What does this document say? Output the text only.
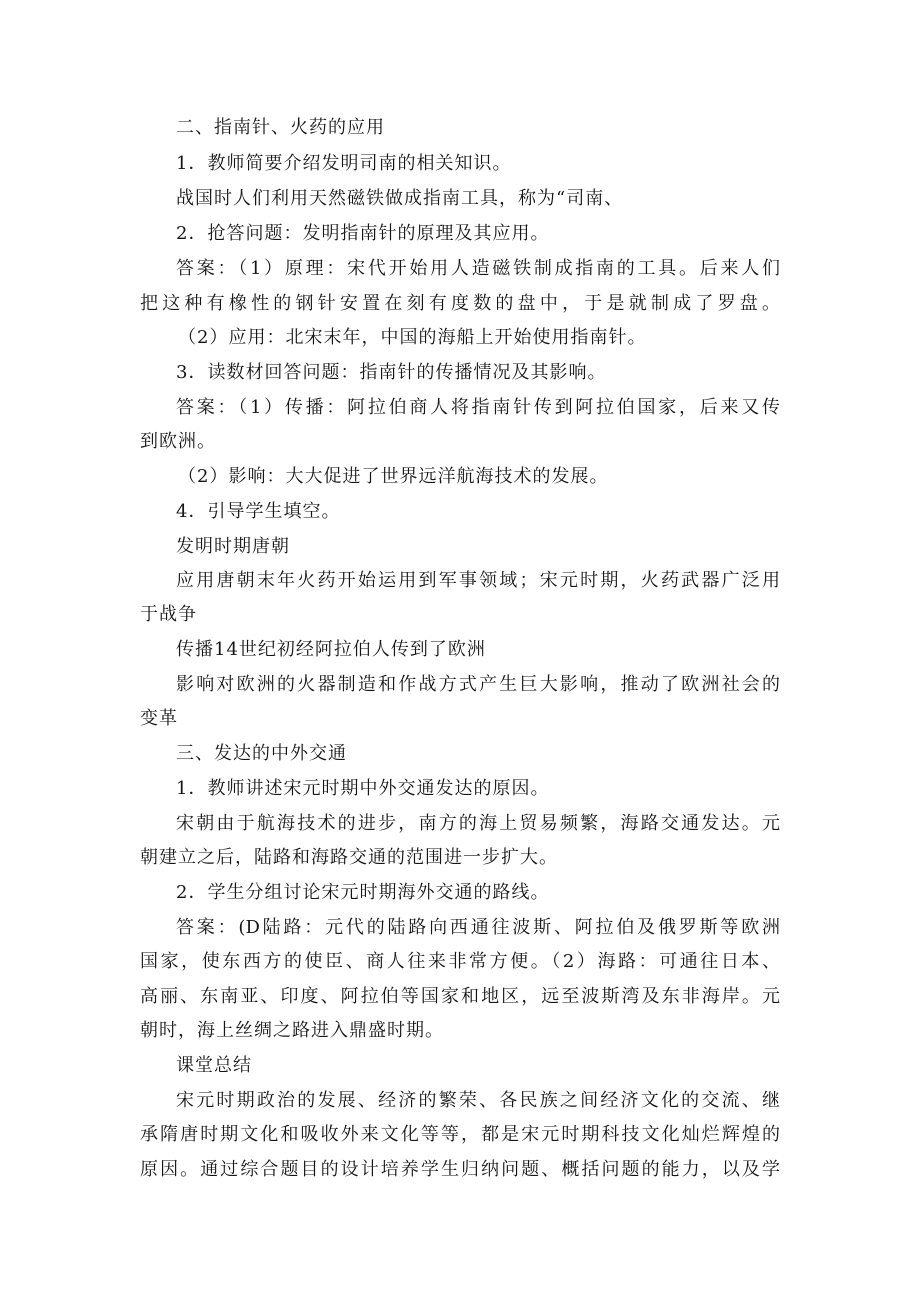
二、指南针、火药的应用
1．教师简要介绍发明司南的相关知识。
战国时人们利用天然磁铁做成指南工具，称为“司南、
2．抢答问题：发明指南针的原理及其应用。
答案：（1）原理：宋代开始用人造磁铁制成指南的工具。后来人们
把这种有橡性的钢针安置在刻有度数的盘中，于是就制成了罗盘。
（2）应用：北宋末年，中国的海船上开始使用指南针。
3．读数材回答问题：指南针的传播情况及其影响。
答案：（1）传播：阿拉伯商人将指南针传到阿拉伯国家，后来又传
到欧洲。
（2）影响：大大促进了世界远洋航海技术的发展。
4．引导学生填空。
发明时期唐朝
应用唐朝末年火药开始运用到军事领域；宋元时期，火药武器广泛用
于战争
传播14世纪初经阿拉伯人传到了欧洲
影响对欧洲的火器制造和作战方式产生巨大影响，推动了欧洲社会的
变革
三、发达的中外交通
1．教师讲述宋元时期中外交通发达的原因。
宋朝由于航海技术的进步，南方的海上贸易频繁，海路交通发达。元
朝建立之后，陆路和海路交通的范围进一步扩大。
2．学生分组讨论宋元时期海外交通的路线。
答案：(D陆路：元代的陆路向西通往波斯、阿拉伯及俄罗斯等欧洲
国家，使东西方的使臣、商人往来非常方便。（2）海路：可通往日本、
高丽、东南亚、印度、阿拉伯等国家和地区，远至波斯湾及东非海岸。元
朝时，海上丝绸之路进入鼎盛时期。
课堂总结
宋元时期政治的发展、经济的繁荣、各民族之间经济文化的交流、继
承隋唐时期文化和吸收外来文化等等，都是宋元时期科技文化灿烂辉煌的
原因。通过综合题目的设计培养学生归纳问题、概括问题的能力，以及学
